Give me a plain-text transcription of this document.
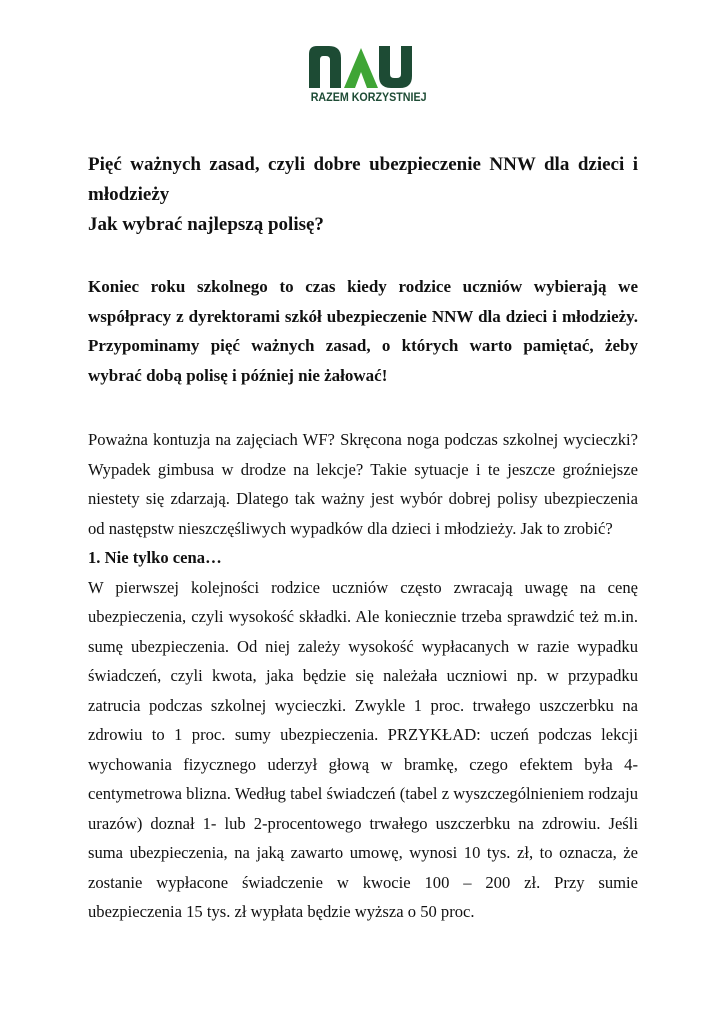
RAZEM KORZYSTNIEJ

Pięć ważnych zasad, czyli dobre ubezpieczenie NNW dla dzieci i młodzieży

Jak wybrać najlepszą polisę?

Koniec roku szkolnego to czas kiedy rodzice uczniów wybierają we współpracy z dyrektorami szkół ubezpieczenie NNW dla dzieci i młodzieży. Przypominamy pięć ważnych zasad, o których warto pamiętać, żeby wybrać dobą polisę i później nie żałować!

Poważna kontuzja na zajęciach WF? Skręcona noga podczas szkolnej wycieczki? Wypadek gimbusa w drodze na lekcje? Takie sytuacje i te jeszcze groźniejsze niestety się zdarzają. Dlatego tak ważny jest wybór dobrej polisy ubezpieczenia od następstw nieszczęśliwych wypadków dla dzieci i młodzieży. Jak to zrobić?

1. Nie tylko cena…

W pierwszej kolejności rodzice uczniów często zwracają uwagę na cenę ubezpieczenia, czyli wysokość składki. Ale koniecznie trzeba sprawdzić też m.in. sumę ubezpieczenia. Od niej zależy wysokość wypłacanych w razie wypadku świadczeń, czyli kwota, jaka będzie się należała uczniowi np. w przypadku zatrucia podczas szkolnej wycieczki. Zwykle 1 proc. trwałego uszczerbku na zdrowiu to 1 proc. sumy ubezpieczenia. PRZYKŁAD: uczeń podczas lekcji wychowania fizycznego uderzył głową w bramkę, czego efektem była 4-centymetrowa blizna. Według tabel świadczeń (tabel z wyszczególnieniem rodzaju urazów) doznał 1- lub 2-procentowego trwałego uszczerbku na zdrowiu. Jeśli suma ubezpieczenia, na jaką zawarto umowę, wynosi 10 tys. zł, to oznacza, że zostanie wypłacone świadczenie w kwocie 100 – 200 zł. Przy sumie ubezpieczenia 15 tys. zł wypłata będzie wyższa o 50 proc.
